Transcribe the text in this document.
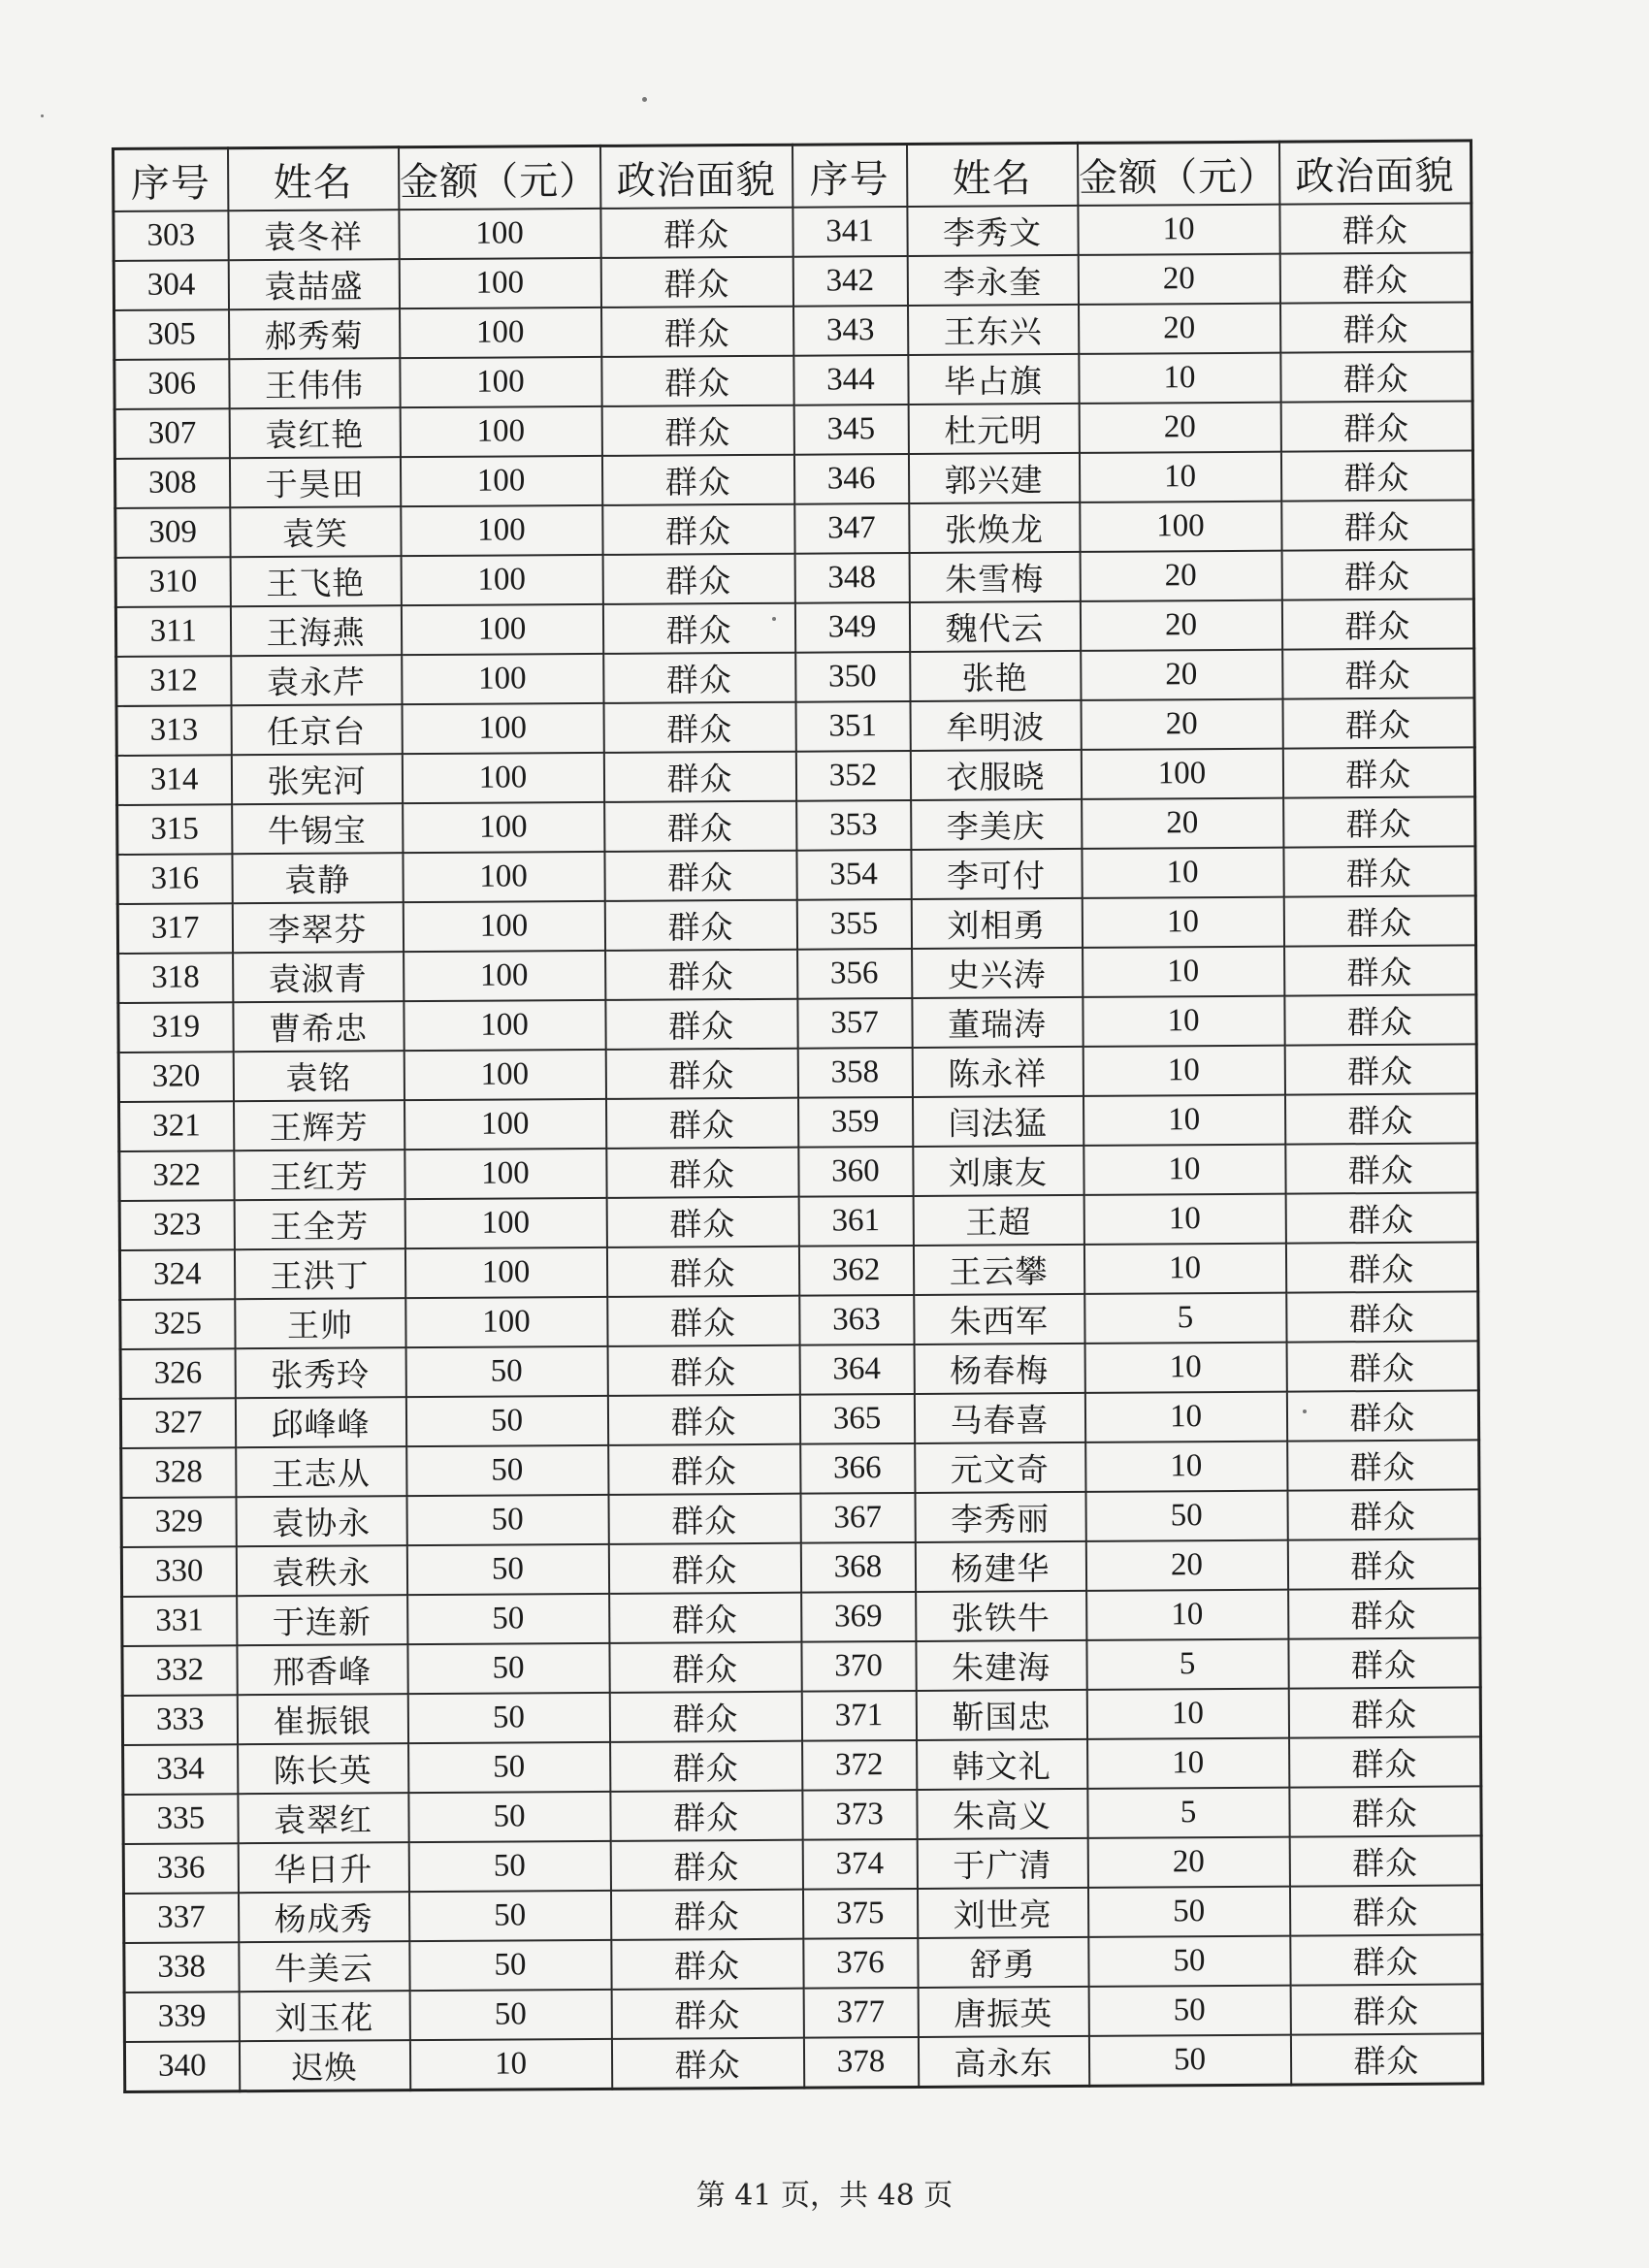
序号	姓名	金额（元）	政治面貌	序号	姓名	金额（元）	政治面貌
303	袁冬祥	100	群众	341	李秀文	10	群众
304	袁喆盛	100	群众	342	李永奎	20	群众
305	郝秀菊	100	群众	343	王东兴	20	群众
306	王伟伟	100	群众	344	毕占旗	10	群众
307	袁红艳	100	群众	345	杜元明	20	群众
308	于昊田	100	群众	346	郭兴建	10	群众
309	袁笑	100	群众	347	张焕龙	100	群众
310	王飞艳	100	群众	348	朱雪梅	20	群众
311	王海燕	100	群众	349	魏代云	20	群众
312	袁永芹	100	群众	350	张艳	20	群众
313	任京台	100	群众	351	牟明波	20	群众
314	张宪河	100	群众	352	衣服晓	100	群众
315	牛锡宝	100	群众	353	李美庆	20	群众
316	袁静	100	群众	354	李可付	10	群众
317	李翠芬	100	群众	355	刘相勇	10	群众
318	袁淑青	100	群众	356	史兴涛	10	群众
319	曹希忠	100	群众	357	董瑞涛	10	群众
320	袁铭	100	群众	358	陈永祥	10	群众
321	王辉芳	100	群众	359	闫法猛	10	群众
322	王红芳	100	群众	360	刘康友	10	群众
323	王全芳	100	群众	361	王超	10	群众
324	王洪丁	100	群众	362	王云攀	10	群众
325	王帅	100	群众	363	朱西军	5	群众
326	张秀玲	50	群众	364	杨春梅	10	群众
327	邱峰峰	50	群众	365	马春喜	10	群众
328	王志从	50	群众	366	元文奇	10	群众
329	袁协永	50	群众	367	李秀丽	50	群众
330	袁秩永	50	群众	368	杨建华	20	群众
331	于连新	50	群众	369	张铁牛	10	群众
332	邢香峰	50	群众	370	朱建海	5	群众
333	崔振银	50	群众	371	靳国忠	10	群众
334	陈长英	50	群众	372	韩文礼	10	群众
335	袁翠红	50	群众	373	朱高义	5	群众
336	华日升	50	群众	374	于广清	20	群众
337	杨成秀	50	群众	375	刘世亮	50	群众
338	牛美云	50	群众	376	舒勇	50	群众
339	刘玉花	50	群众	377	唐振英	50	群众
340	迟焕	10	群众	378	高永东	50	群众
第 41 页，共 48 页
